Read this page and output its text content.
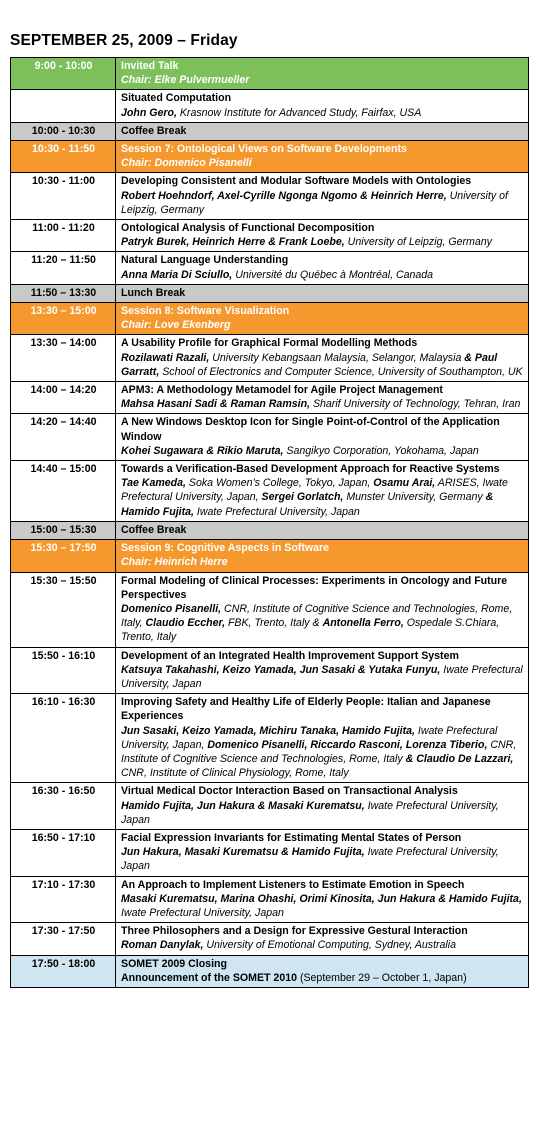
SEPTEMBER 25, 2009 – Friday
9:00 - 10:00	Invited Talk
Chair: Elke Pulvermueller

	Situated Computation
John Gero, Krasnow Institute for Advanced Study, Fairfax, USA

10:00 - 10:30	Coffee Break

10:30 - 11:50	Session 7: Ontological Views on Software Developments
Chair: Domenico Pisanelli

10:30 - 11:00	Developing Consistent and Modular Software Models with Ontologies
Robert Hoehndorf, Axel-Cyrille Ngonga Ngomo & Heinrich Herre, University of Leipzig, Germany

11:00 - 11:20	Ontological Analysis of Functional Decomposition
Patryk Burek, Heinrich Herre & Frank Loebe, University of Leipzig, Germany

11:20 – 11:50	Natural Language Understanding
Anna Maria Di Sciullo, Université du Québec à Montréal, Canada

11:50 – 13:30	Lunch Break

13:30 – 15:00	Session 8: Software Visualization
Chair: Love Ekenberg

13:30 – 14:00	A Usability Profile for Graphical Formal Modelling Methods
Rozilawati Razali, University Kebangsaan Malaysia, Selangor, Malaysia & Paul Garratt, School of Electronics and Computer Science, University of Southampton, UK

14:00 – 14:20	APM3: A Methodology Metamodel for Agile Project Management
Mahsa Hasani Sadi & Raman Ramsin, Sharif University of Technology, Tehran, Iran

14:20 – 14:40	A New Windows Desktop Icon for Single Point-of-Control of the Application Window
Kohei Sugawara & Rikio Maruta, Sangikyo Corporation, Yokohama, Japan

14:40 – 15:00	Towards a Verification-Based Development Approach for Reactive Systems
Tae Kameda, Soka Women’s College, Tokyo, Japan, Osamu Arai, ARISES, Iwate Prefectural University, Japan, Sergei Gorlatch, Munster University, Germany & Hamido Fujita, Iwate Prefectural University, Japan

15:00 – 15:30	Coffee Break

15:30 – 17:50	Session 9: Cognitive Aspects in Software
Chair: Heinrich Herre

15:30 – 15:50	Formal Modeling of Clinical Processes: Experiments in Oncology and Future Perspectives
Domenico Pisanelli, CNR, Institute of Cognitive Science and Technologies, Rome, Italy, Claudio Eccher, FBK, Trento, Italy & Antonella Ferro, Ospedale S.Chiara, Trento, Italy

15:50 - 16:10	Development of an Integrated Health Improvement Support System
Katsuya Takahashi, Keizo Yamada, Jun Sasaki & Yutaka Funyu, Iwate Prefectural University, Japan

16:10 - 16:30	Improving Safety and Healthy Life of Elderly People: Italian and Japanese Experiences
Jun Sasaki, Keizo Yamada, Michiru Tanaka, Hamido Fujita, Iwate Prefectural University, Japan, Domenico Pisanelli, Riccardo Rasconi, Lorenza Tiberio, CNR, Institute of Cognitive Science and Technologies, Rome, Italy & Claudio De Lazzari, CNR, Institute of Clinical Physiology, Rome, Italy

16:30 - 16:50	Virtual Medical Doctor Interaction Based on Transactional Analysis
Hamido Fujita, Jun Hakura & Masaki Kurematsu, Iwate Prefectural University, Japan

16:50 - 17:10	Facial Expression Invariants for Estimating Mental States of Person
Jun Hakura, Masaki Kurematsu & Hamido Fujita, Iwate Prefectural University, Japan

17:10 - 17:30	An Approach to Implement Listeners to Estimate Emotion in Speech
Masaki Kurematsu, Marina Ohashi, Orimi Kinosita, Jun Hakura & Hamido Fujita, Iwate Prefectural University, Japan

17:30 - 17:50	Three Philosophers and a Design for Expressive Gestural Interaction
Roman Danylak, University of Emotional Computing, Sydney, Australia

17:50 - 18:00	SOMET 2009 Closing
Announcement of the SOMET 2010 (September 29 – October 1, Japan)
